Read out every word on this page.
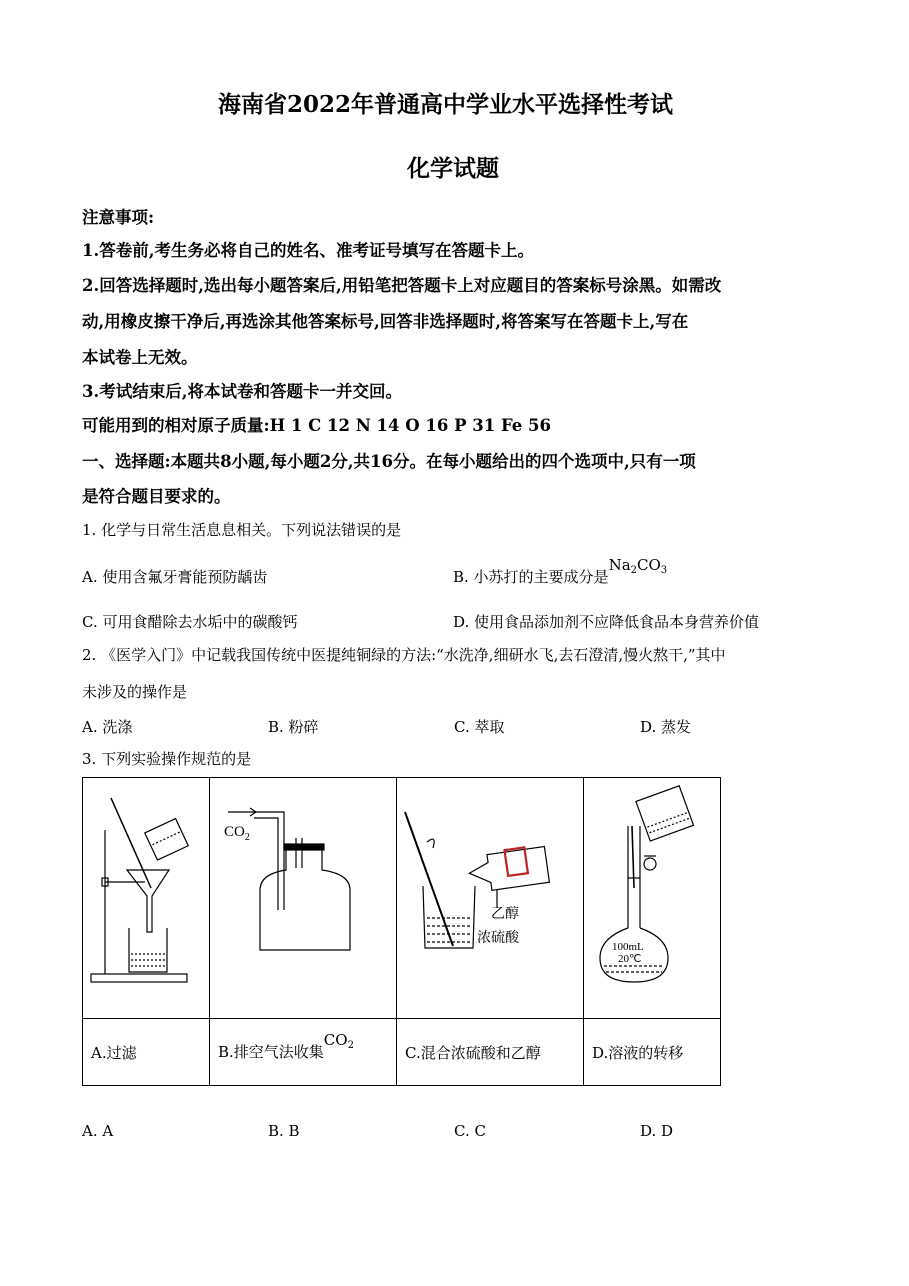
海南省2022年普通高中学业水平选择性考试
化学试题
注意事项:
1.答卷前,考生务必将自己的姓名、准考证号填写在答题卡上。
2.回答选择题时,选出每小题答案后,用铅笔把答题卡上对应题目的答案标号涂黑。如需改
动,用橡皮擦干净后,再选涂其他答案标号,回答非选择题时,将答案写在答题卡上,写在
本试卷上无效。
3.考试结束后,将本试卷和答题卡一并交回。
可能用到的相对原子质量:H 1 C 12 N 14 O 16 P 31 Fe 56
一、选择题:本题共8小题,每小题2分,共16分。在每小题给出的四个选项中,只有一项
是符合题目要求的。
1. 化学与日常生活息息相关。下列说法错误的是
A. 使用含氟牙膏能预防龋齿	B. 小苏打的主要成分是$Na_2CO_3$
C. 可用食醋除去水垢中的碳酸钙	D. 使用食品添加剂不应降低食品本身营养价值
2. 《医学入门》中记载我国传统中医提纯铜绿的方法:“水洗净,细研水飞,去石澄清,慢火熬干,”其中
未涉及的操作是
A. 洗涤	B. 粉碎	C. 萃取	D. 蒸发
3. 下列实验操作规范的是

$CO_2$	乙醇
浓硫酸	100mL
20℃

A.过滤	B.排空气法收集$CO_2$	C.混合浓硫酸和乙醇	D.溶液的转移
A. A	B. B	C. C	D. D
